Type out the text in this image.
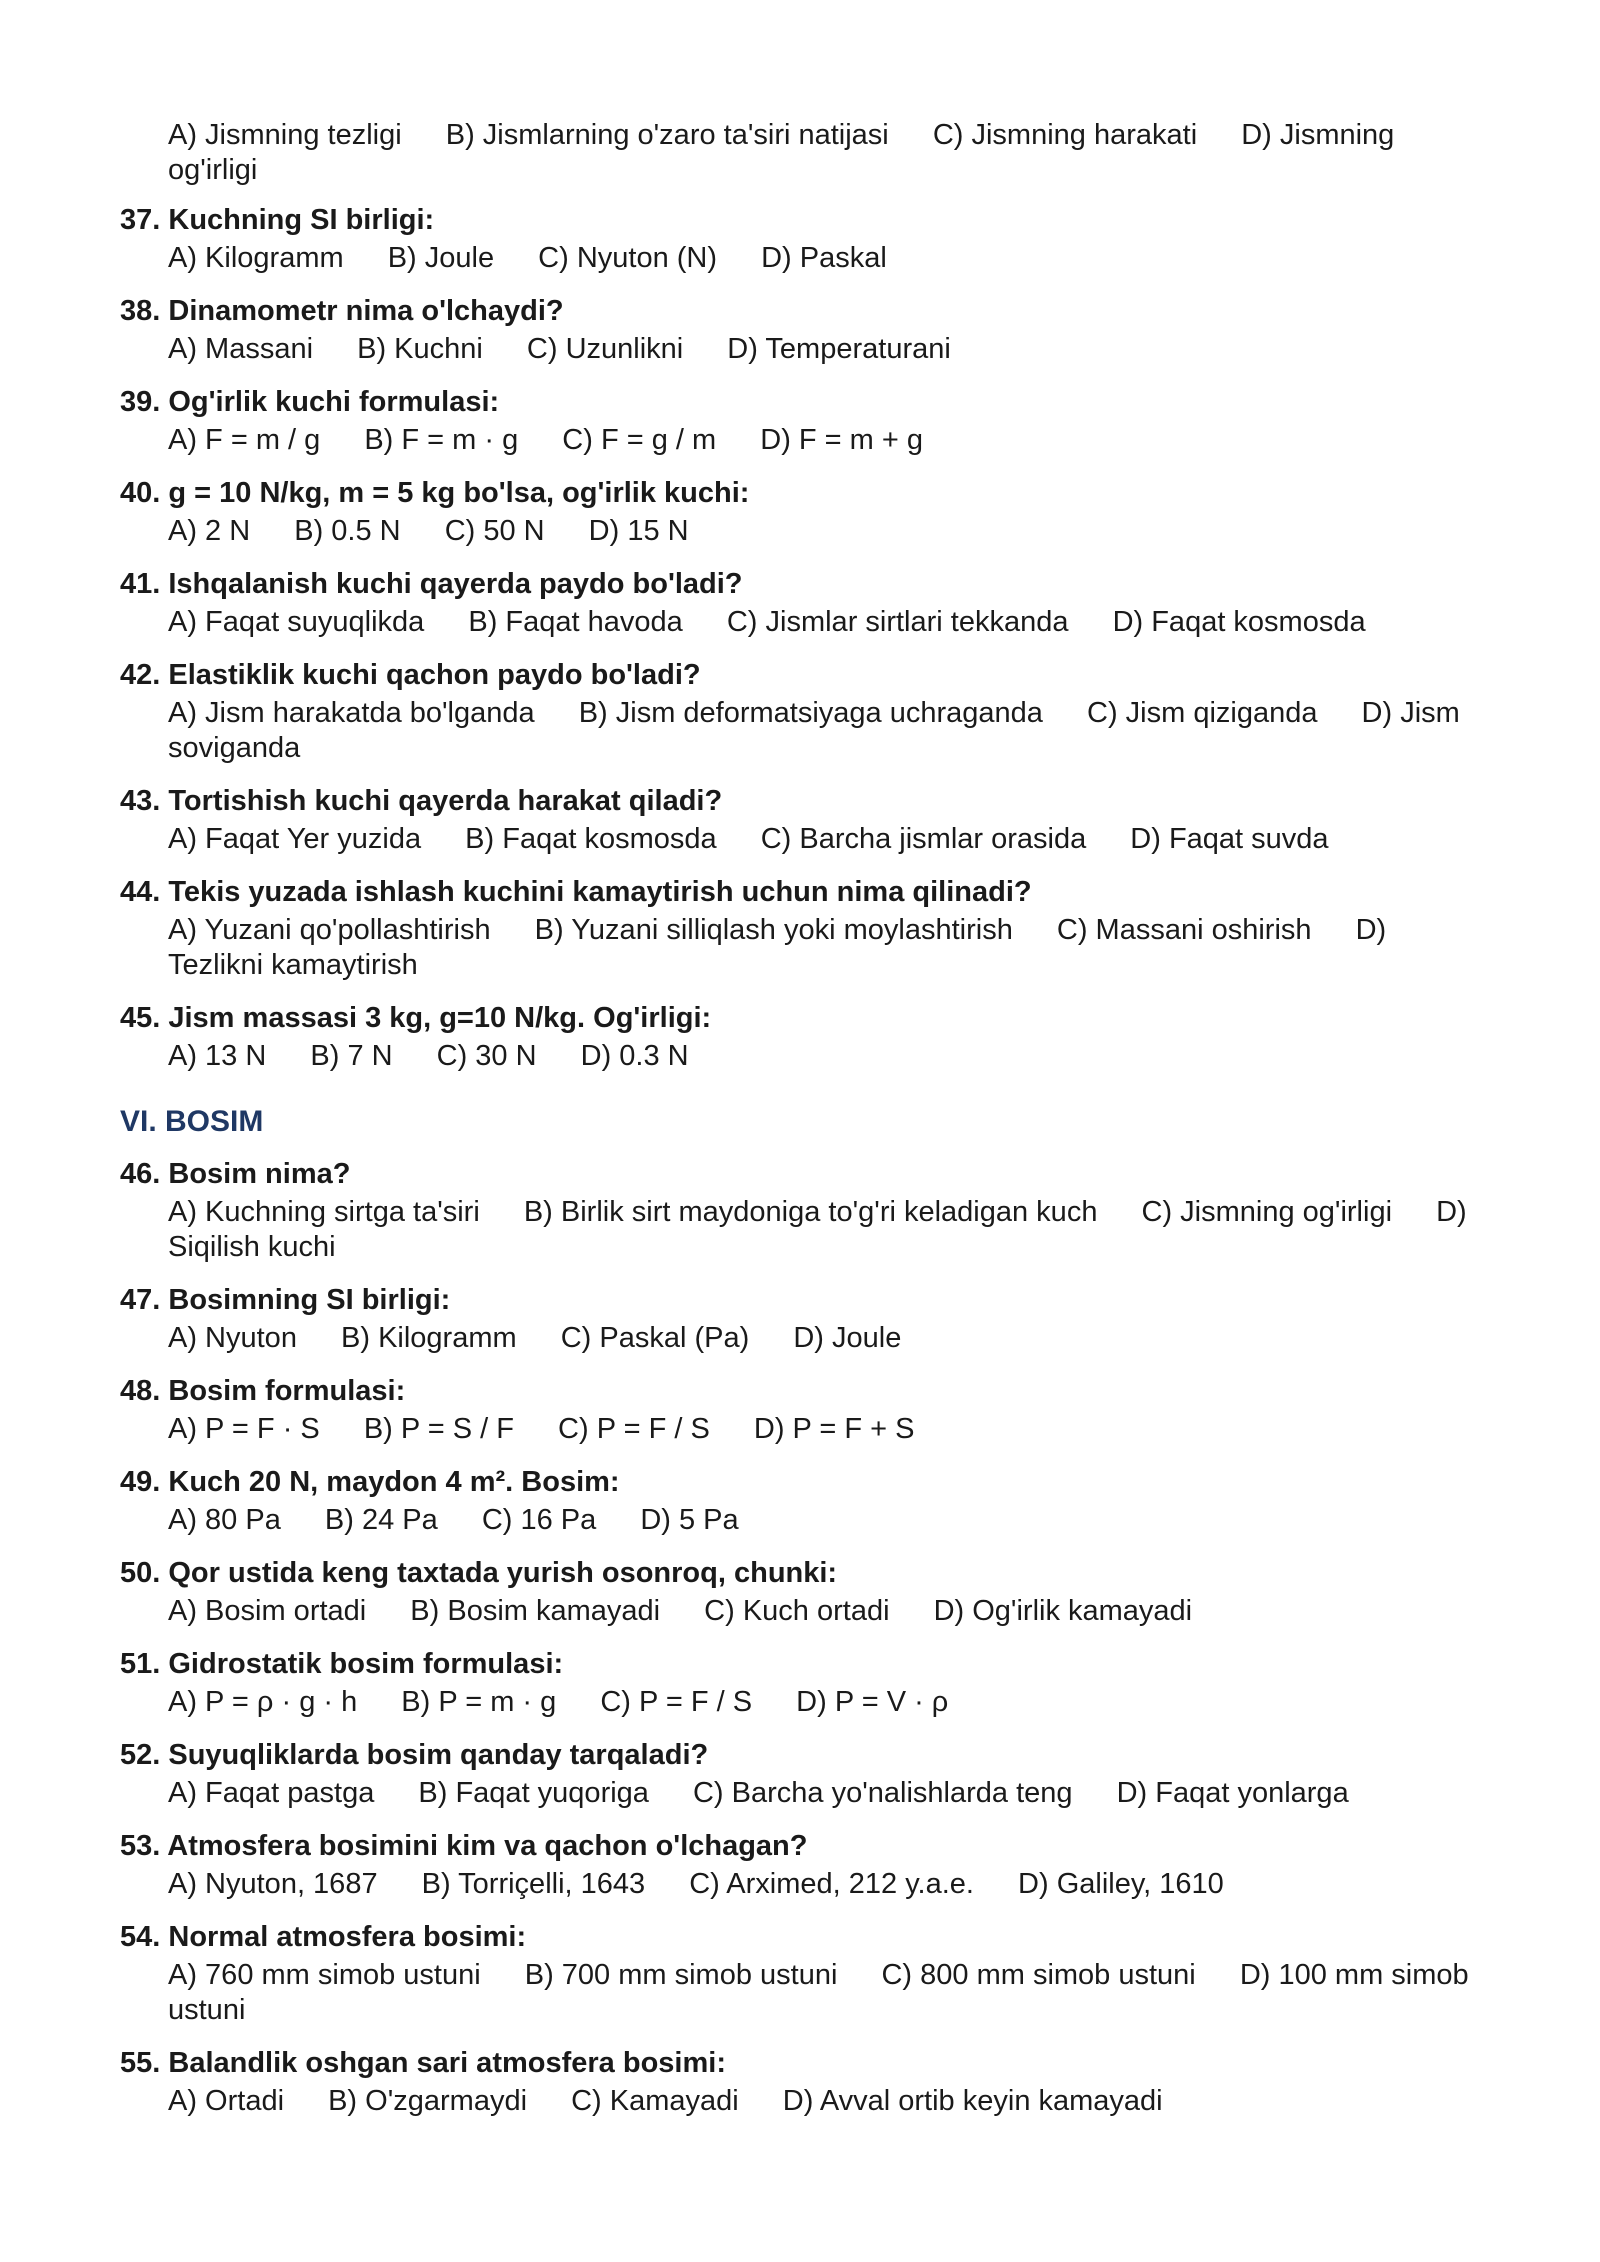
A) Jismning tezligi B) Jismlarning o'zaro ta'siri natijasi C) Jismning harakati D) Jismning og'irligi
37. Kuchning SI birligi:
A) Kilogramm B) Joule C) Nyuton (N) D) Paskal
38. Dinamometr nima o'lchaydi?
A) Massani B) Kuchni C) Uzunlikni D) Temperaturani
39. Og'irlik kuchi formulasi:
A) F = m / g B) F = m · g C) F = g / m D) F = m + g
40. g = 10 N/kg, m = 5 kg bo'lsa, og'irlik kuchi:
A) 2 N B) 0.5 N C) 50 N D) 15 N
41. Ishqalanish kuchi qayerda paydo bo'ladi?
A) Faqat suyuqlikda B) Faqat havoda C) Jismlar sirtlari tekkanda D) Faqat kosmosda
42. Elastiklik kuchi qachon paydo bo'ladi?
A) Jism harakatda bo'lganda B) Jism deformatsiyaga uchraganda C) Jism qiziganda D) Jism soviganda
43. Tortishish kuchi qayerda harakat qiladi?
A) Faqat Yer yuzida B) Faqat kosmosda C) Barcha jismlar orasida D) Faqat suvda
44. Tekis yuzada ishlash kuchini kamaytirish uchun nima qilinadi?
A) Yuzani qo'pollashtirish B) Yuzani silliqlash yoki moylashtirish C) Massani oshirish D) Tezlikni kamaytirish
45. Jism massasi 3 kg, g=10 N/kg. Og'irligi:
A) 13 N B) 7 N C) 30 N D) 0.3 N
VI. BOSIM
46. Bosim nima?
A) Kuchning sirtga ta'siri B) Birlik sirt maydoniga to'g'ri keladigan kuch C) Jismning og'irligi D) Siqilish kuchi
47. Bosimning SI birligi:
A) Nyuton B) Kilogramm C) Paskal (Pa) D) Joule
48. Bosim formulasi:
A) P = F · S B) P = S / F C) P = F / S D) P = F + S
49. Kuch 20 N, maydon 4 m². Bosim:
A) 80 Pa B) 24 Pa C) 16 Pa D) 5 Pa
50. Qor ustida keng taxtada yurish osonroq, chunki:
A) Bosim ortadi B) Bosim kamayadi C) Kuch ortadi D) Og'irlik kamayadi
51. Gidrostatik bosim formulasi:
A) P = ρ · g · h B) P = m · g C) P = F / S D) P = V · ρ
52. Suyuqliklarda bosim qanday tarqaladi?
A) Faqat pastga B) Faqat yuqoriga C) Barcha yo'nalishlarda teng D) Faqat yonlarga
53. Atmosfera bosimini kim va qachon o'lchagan?
A) Nyuton, 1687 B) Torriçelli, 1643 C) Arximed, 212 y.a.e. D) Galiley, 1610
54. Normal atmosfera bosimi:
A) 760 mm simob ustuni B) 700 mm simob ustuni C) 800 mm simob ustuni D) 100 mm simob ustuni
55. Balandlik oshgan sari atmosfera bosimi:
A) Ortadi B) O'zgarmaydi C) Kamayadi D) Avval ortib keyin kamayadi
